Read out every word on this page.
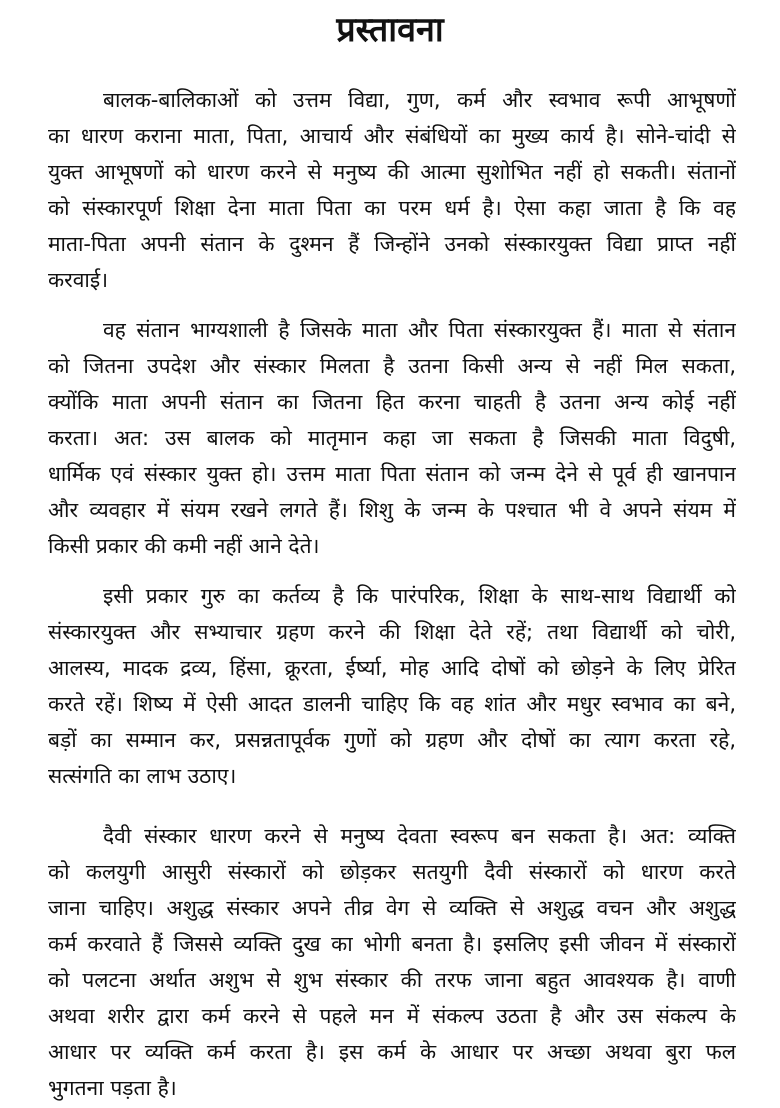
प्रस्तावना
बालक-बालिकाओं को उत्तम विद्या, गुण, कर्म और स्वभाव रूपी आभूषणों
का धारण कराना माता, पिता, आचार्य और संबंधियों का मुख्य कार्य है। सोने-चांदी से
युक्त आभूषणों को धारण करने से मनुष्य की आत्मा सुशोभित नहीं हो सकती। संतानों
को संस्कारपूर्ण शिक्षा देना माता पिता का परम धर्म है। ऐसा कहा जाता है कि वह
माता-पिता अपनी संतान के दुश्मन हैं जिन्होंने उनको संस्कारयुक्त विद्या प्राप्त नहीं
करवाई।
वह संतान भाग्यशाली है जिसके माता और पिता संस्कारयुक्त हैं। माता से संतान
को जितना उपदेश और संस्कार मिलता है उतना किसी अन्य से नहीं मिल सकता,
क्योंकि माता अपनी संतान का जितना हित करना चाहती है उतना अन्य कोई नहीं
करता। अत: उस बालक को मातृमान कहा जा सकता है जिसकी माता विदुषी,
धार्मिक एवं संस्कार युक्त हो। उत्तम माता पिता संतान को जन्म देने से पूर्व ही खानपान
और व्यवहार में संयम रखने लगते हैं। शिशु के जन्म के पश्चात भी वे अपने संयम में
किसी प्रकार की कमी नहीं आने देते।
इसी प्रकार गुरु का कर्तव्य है कि पारंपरिक, शिक्षा के साथ-साथ विद्यार्थी को
संस्कारयुक्त और सभ्याचार ग्रहण करने की शिक्षा देते रहें; तथा विद्यार्थी को चोरी,
आलस्य, मादक द्रव्य, हिंसा, क्रूरता, ईर्ष्या, मोह आदि दोषों को छोड़ने के लिए प्रेरित
करते रहें। शिष्य में ऐसी आदत डालनी चाहिए कि वह शांत और मधुर स्वभाव का बने,
बड़ों का सम्मान कर, प्रसन्नतापूर्वक गुणों को ग्रहण और दोषों का त्याग करता रहे,
सत्संगति का लाभ उठाए।
दैवी संस्कार धारण करने से मनुष्य देवता स्वरूप बन सकता है। अत: व्यक्ति
को कलयुगी आसुरी संस्कारों को छोड़कर सतयुगी दैवी संस्कारों को धारण करते
जाना चाहिए। अशुद्ध संस्कार अपने तीव्र वेग से व्यक्ति से अशुद्ध वचन और अशुद्ध
कर्म करवाते हैं जिससे व्यक्ति दुख का भोगी बनता है। इसलिए इसी जीवन में संस्कारों
को पलटना अर्थात अशुभ से शुभ संस्कार की तरफ जाना बहुत आवश्यक है। वाणी
अथवा शरीर द्वारा कर्म करने से पहले मन में संकल्प उठता है और उस संकल्प के
आधार पर व्यक्ति कर्म करता है। इस कर्म के आधार पर अच्छा अथवा बुरा फल
भुगतना पड़ता है।
